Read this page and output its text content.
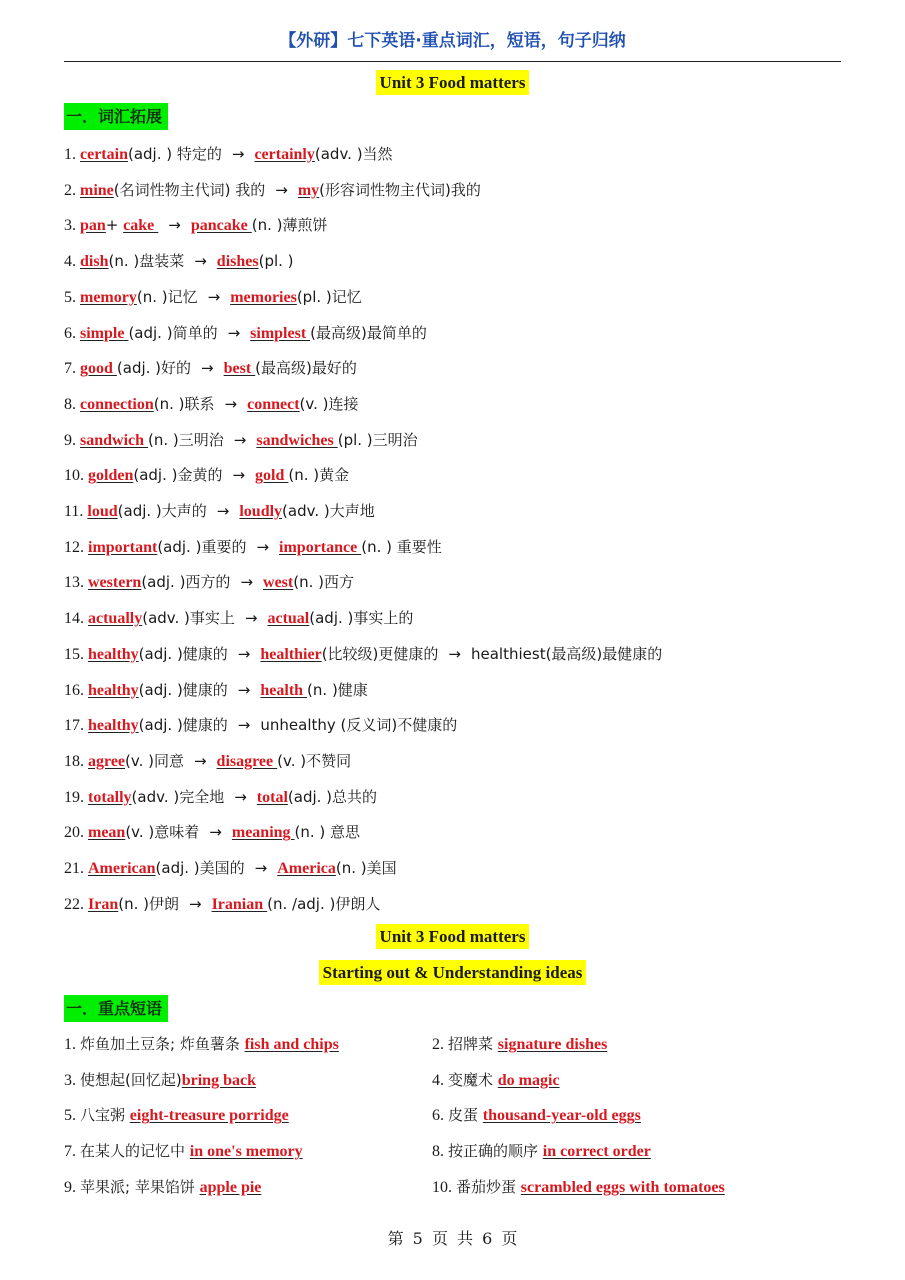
【外研】七下英语·重点词汇，短语，句子归纳
Unit 3 Food matters
一．词汇拓展
1. certain(adj. ) 特定的 → certainly(adv. )当然
2. mine(名词性物主代词) 我的 → my(形容词性物主代词)我的
3. pan+ cake → pancake (n. )薄煎饼
4. dish(n. )盘装菜 → dishes(pl. )
5. memory(n. )记忆 → memories(pl. )记忆
6. simple (adj. )简单的 → simplest (最高级)最简单的
7. good (adj. )好的 → best (最高级)最好的
8. connection(n. )联系 → connect(v. )连接
9. sandwich (n. )三明治 → sandwiches (pl. )三明治
10. golden(adj. )金黄的 → gold (n. )黄金
11. loud(adj. )大声的 → loudly(adv. )大声地
12. important(adj. )重要的 → importance (n. ) 重要性
13. western(adj. )西方的 → west(n. )西方
14. actually(adv. )事实上 → actual(adj. )事实上的
15. healthy(adj. )健康的 → healthier(比较级)更健康的 → healthiest(最高级)最健康的
16. healthy(adj. )健康的 → health (n. )健康
17. healthy(adj. )健康的 → unhealthy (反义词)不健康的
18. agree(v. )同意 → disagree (v. )不赞同
19. totally(adv. )完全地 → total(adj. )总共的
20. mean(v. )意味着 → meaning (n. ) 意思
21. American(adj. )美国的 → America(n. )美国
22. Iran(n. )伊朗 → Iranian (n. /adj. )伊朗人
Unit 3 Food matters
Starting out & Understanding ideas
一．重点短语
1. 炸鱼加土豆条; 炸鱼薯条 fish and chips	2. 招牌菜 signature dishes
3. 使想起(回忆起)bring back	4. 变魔术 do magic
5. 八宝粥 eight-treasure porridge	6. 皮蛋 thousand-year-old eggs
7. 在某人的记忆中 in one's memory	8. 按正确的顺序 in correct order
9. 苹果派; 苹果馅饼 apple pie	10. 番茄炒蛋 scrambled eggs with tomatoes
第 5 页 共 6 页
